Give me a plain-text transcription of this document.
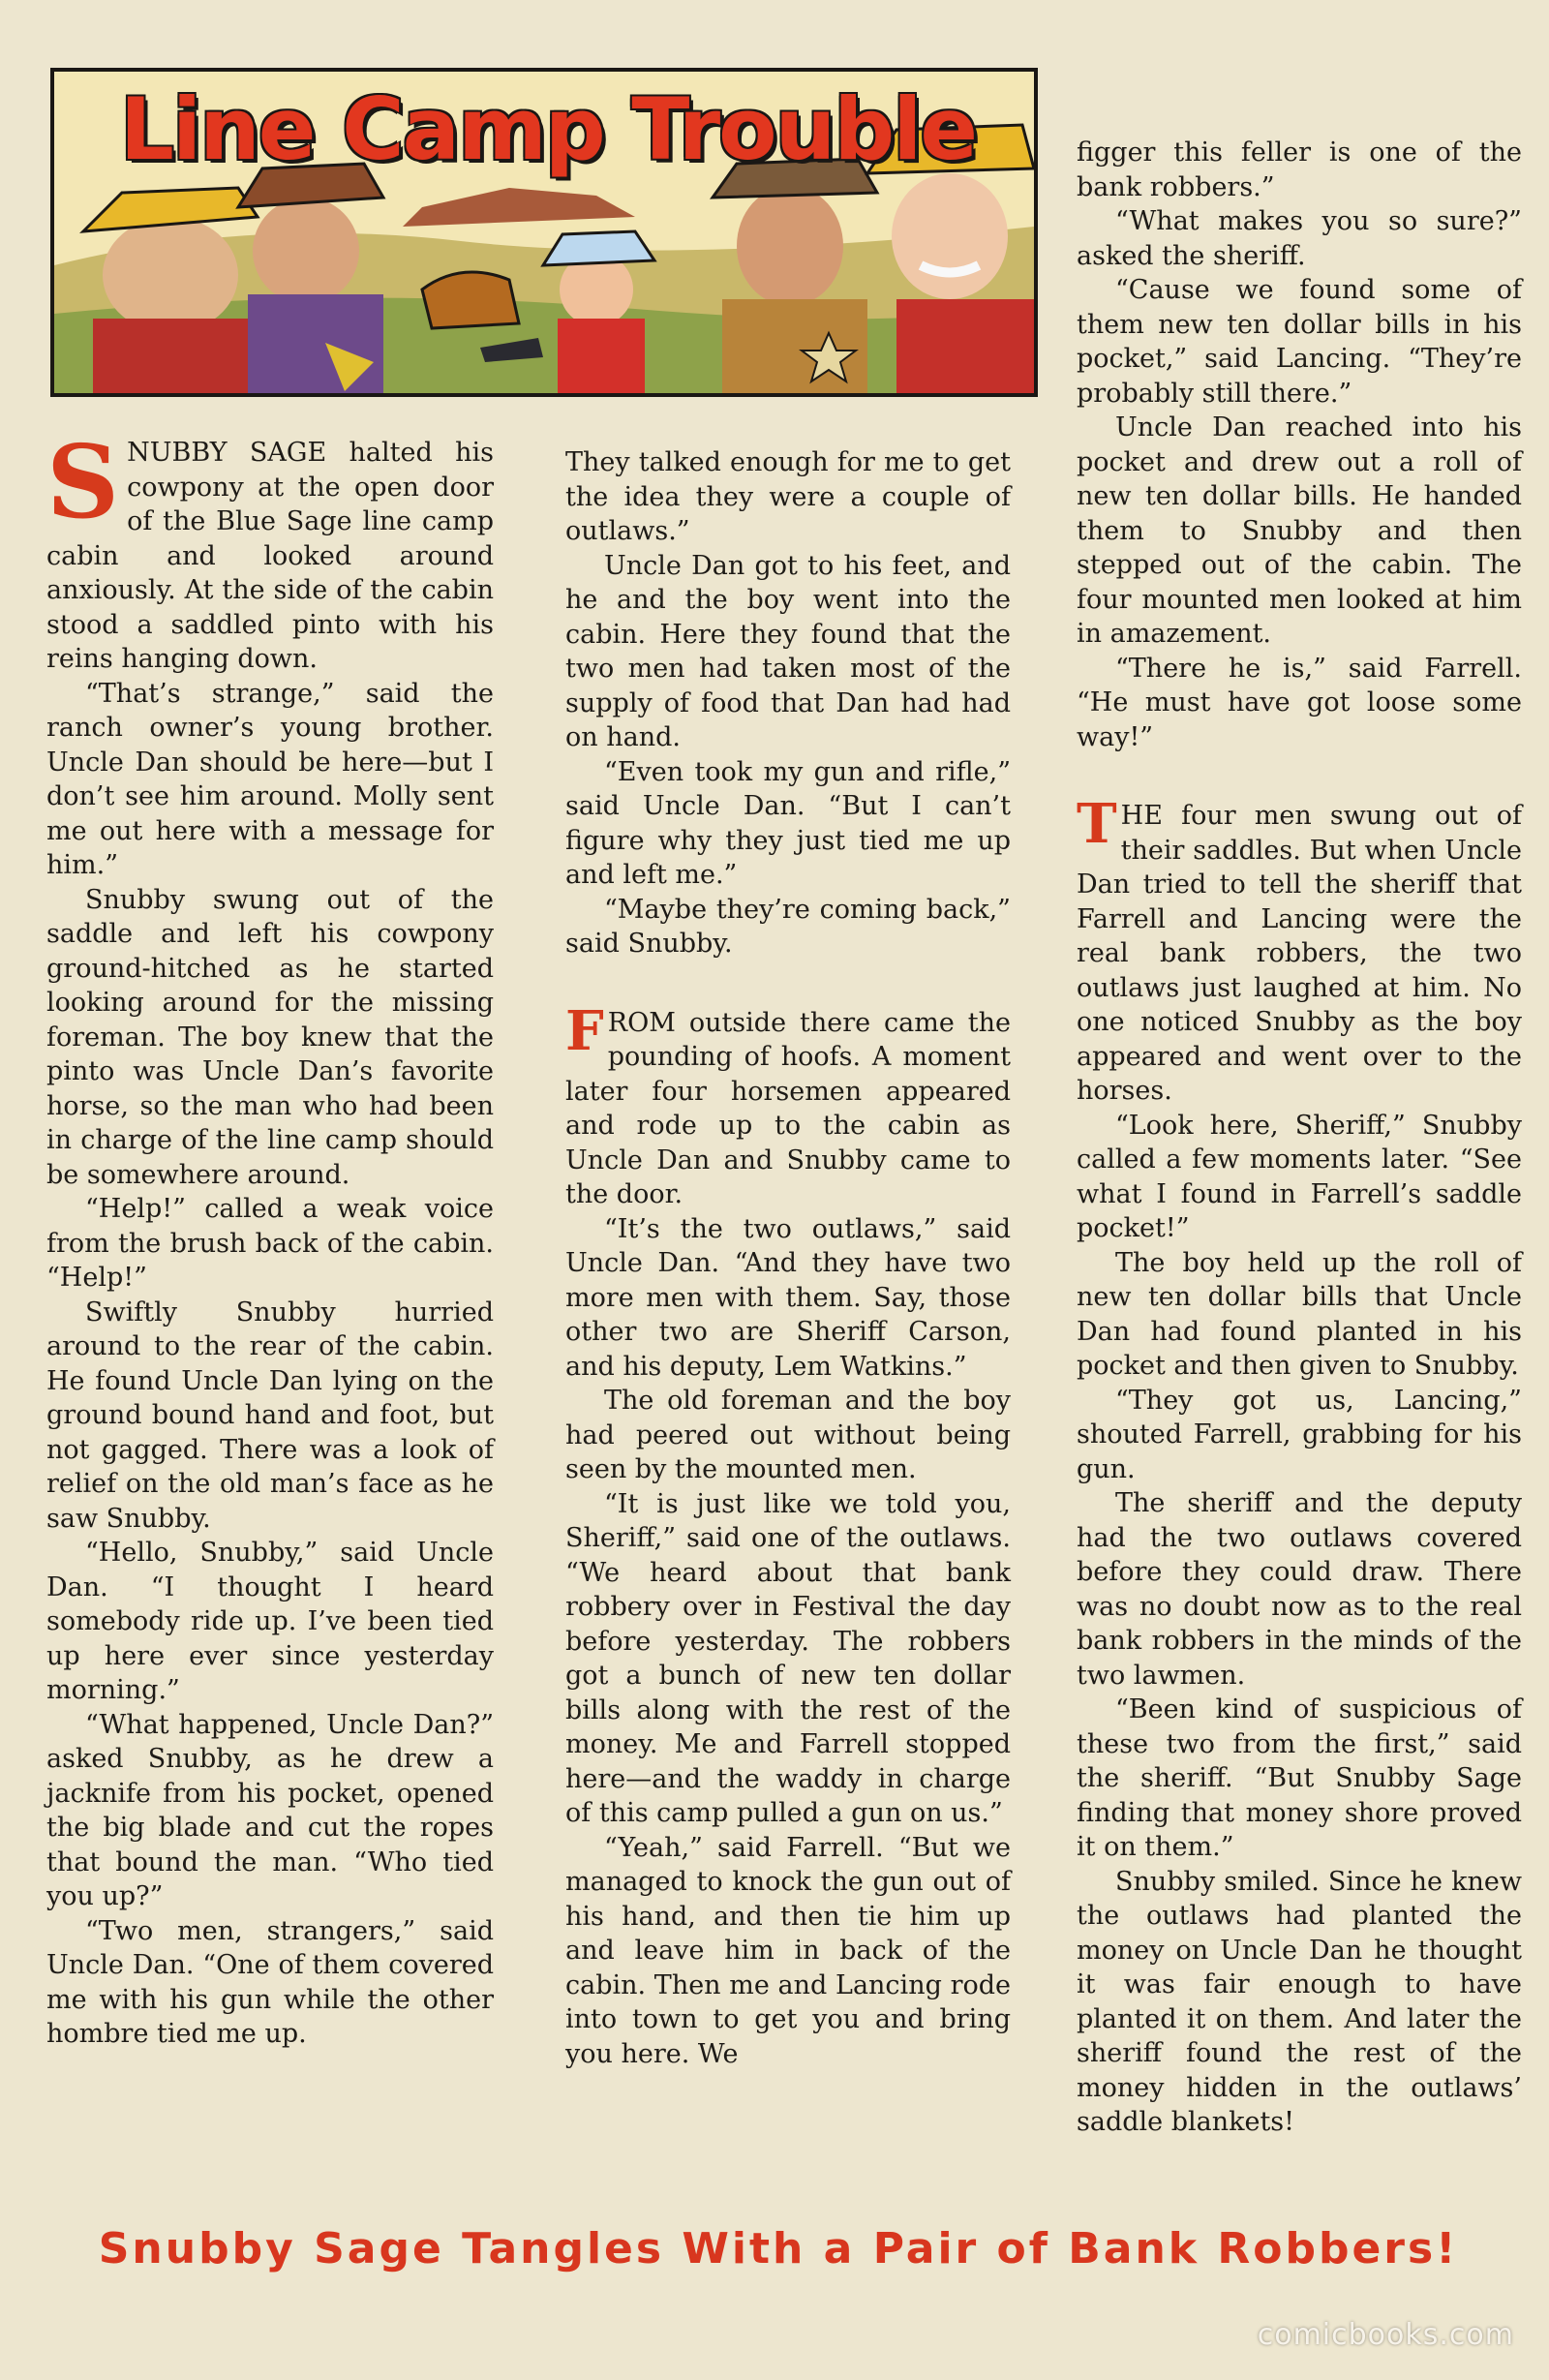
Line Camp Trouble
S NUBBY SAGE halted his cowpony at the open door of the Blue Sage line camp cabin and looked around anxiously. At the side of the cabin stood a saddled pinto with his reins hanging down.

“That’s strange,” said the ranch owner’s young brother. Uncle Dan should be here—but I don’t see him around. Molly sent me out here with a message for him.”

Snubby swung out of the saddle and left his cowpony ground-hitched as he started looking around for the missing foreman. The boy knew that the pinto was Uncle Dan’s favorite horse, so the man who had been in charge of the line camp should be somewhere around.

“Help!” called a weak voice from the brush back of the cabin. “Help!”

Swiftly Snubby hurried around to the rear of the cabin. He found Uncle Dan lying on the ground bound hand and foot, but not gagged. There was a look of relief on the old man’s face as he saw Snubby.

“Hello, Snubby,” said Uncle Dan. “I thought I heard somebody ride up. I’ve been tied up here ever since yesterday morning.”

“What happened, Uncle Dan?” asked Snubby, as he drew a jacknife from his pocket, opened the big blade and cut the ropes that bound the man. “Who tied you up?”

“Two men, strangers,” said Uncle Dan. “One of them covered me with his gun while the other hombre tied me up.

They talked enough for me to get the idea they were a couple of outlaws.”

Uncle Dan got to his feet, and he and the boy went into the cabin. Here they found that the two men had taken most of the supply of food that Dan had had on hand.

“Even took my gun and rifle,” said Uncle Dan. “But I can’t figure why they just tied me up and left me.”

“Maybe they’re coming back,” said Snubby.

F ROM outside there came the pounding of hoofs. A moment later four horsemen appeared and rode up to the cabin as Uncle Dan and Snubby came to the door.

“It’s the two outlaws,” said Uncle Dan. “And they have two more men with them. Say, those other two are Sheriff Carson, and his deputy, Lem Watkins.”

The old foreman and the boy had peered out without being seen by the mounted men.

“It is just like we told you, Sheriff,” said one of the outlaws. “We heard about that bank robbery over in Festival the day before yesterday. The robbers got a bunch of new ten dollar bills along with the rest of the money. Me and Farrell stopped here—and the waddy in charge of this camp pulled a gun on us.”

“Yeah,” said Farrell. “But we managed to knock the gun out of his hand, and then tie him up and leave him in back of the cabin. Then me and Lancing rode into town to get you and bring you here. We

figger this feller is one of the bank robbers.”

“What makes you so sure?” asked the sheriff.

“Cause we found some of them new ten dollar bills in his pocket,” said Lancing. “They’re probably still there.”

Uncle Dan reached into his pocket and drew out a roll of new ten dollar bills. He handed them to Snubby and then stepped out of the cabin. The four mounted men looked at him in amazement.

“There he is,” said Farrell. “He must have got loose some way!”

T HE four men swung out of their saddles. But when Uncle Dan tried to tell the sheriff that Farrell and Lancing were the real bank robbers, the two outlaws just laughed at him. No one noticed Snubby as the boy appeared and went over to the horses.

“Look here, Sheriff,” Snubby called a few moments later. “See what I found in Farrell’s saddle pocket!”

The boy held up the roll of new ten dollar bills that Uncle Dan had found planted in his pocket and then given to Snubby.

“They got us, Lancing,” shouted Farrell, grabbing for his gun.

The sheriff and the deputy had the two outlaws covered before they could draw. There was no doubt now as to the real bank robbers in the minds of the two lawmen.

“Been kind of suspicious of these two from the first,” said the sheriff. “But Snubby Sage finding that money shore proved it on them.”

Snubby smiled. Since he knew the outlaws had planted the money on Uncle Dan he thought it was fair enough to have planted it on them. And later the sheriff found the rest of the money hidden in the outlaws’ saddle blankets!

Snubby Sage Tangles With a Pair of Bank Robbers!
comicbooks.com
